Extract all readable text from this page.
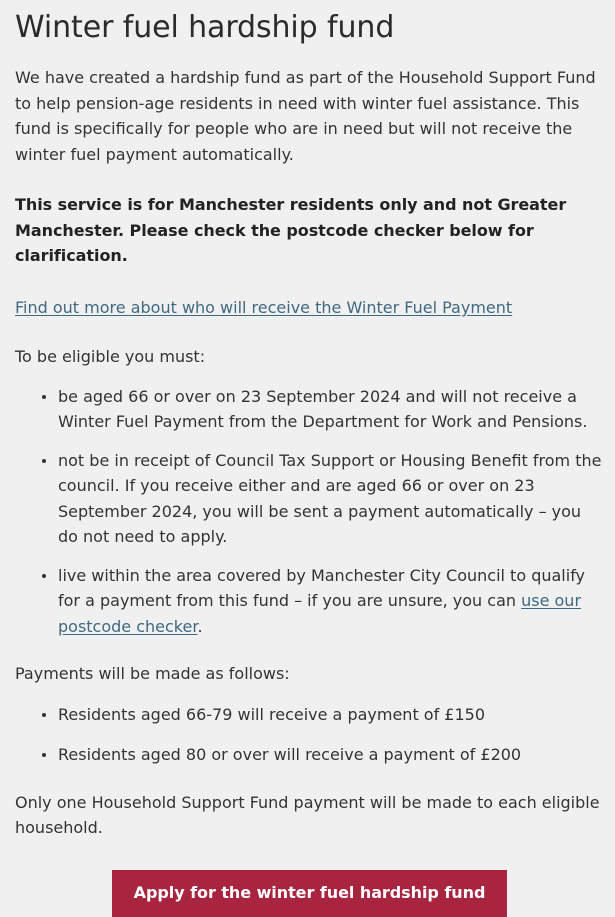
Winter fuel hardship fund

We have created a hardship fund as part of the Household Support Fund to help pension-age residents in need with winter fuel assistance. This fund is specifically for people who are in need but will not receive the winter fuel payment automatically.

This service is for Manchester residents only and not Greater Manchester. Please check the postcode checker below for clarification.

Find out more about who will receive the Winter Fuel Payment

To be eligible you must:

be aged 66 or over on 23 September 2024 and will not receive a Winter Fuel Payment from the Department for Work and Pensions.
not be in receipt of Council Tax Support or Housing Benefit from the council. If you receive either and are aged 66 or over on 23 September 2024, you will be sent a payment automatically – you do not need to apply.
live within the area covered by Manchester City Council to qualify for a payment from this fund – if you are unsure, you can use our postcode checker.

Payments will be made as follows:

Residents aged 66-79 will receive a payment of £150
Residents aged 80 or over will receive a payment of £200

Only one Household Support Fund payment will be made to each eligible household.

Apply for the winter fuel hardship fund
